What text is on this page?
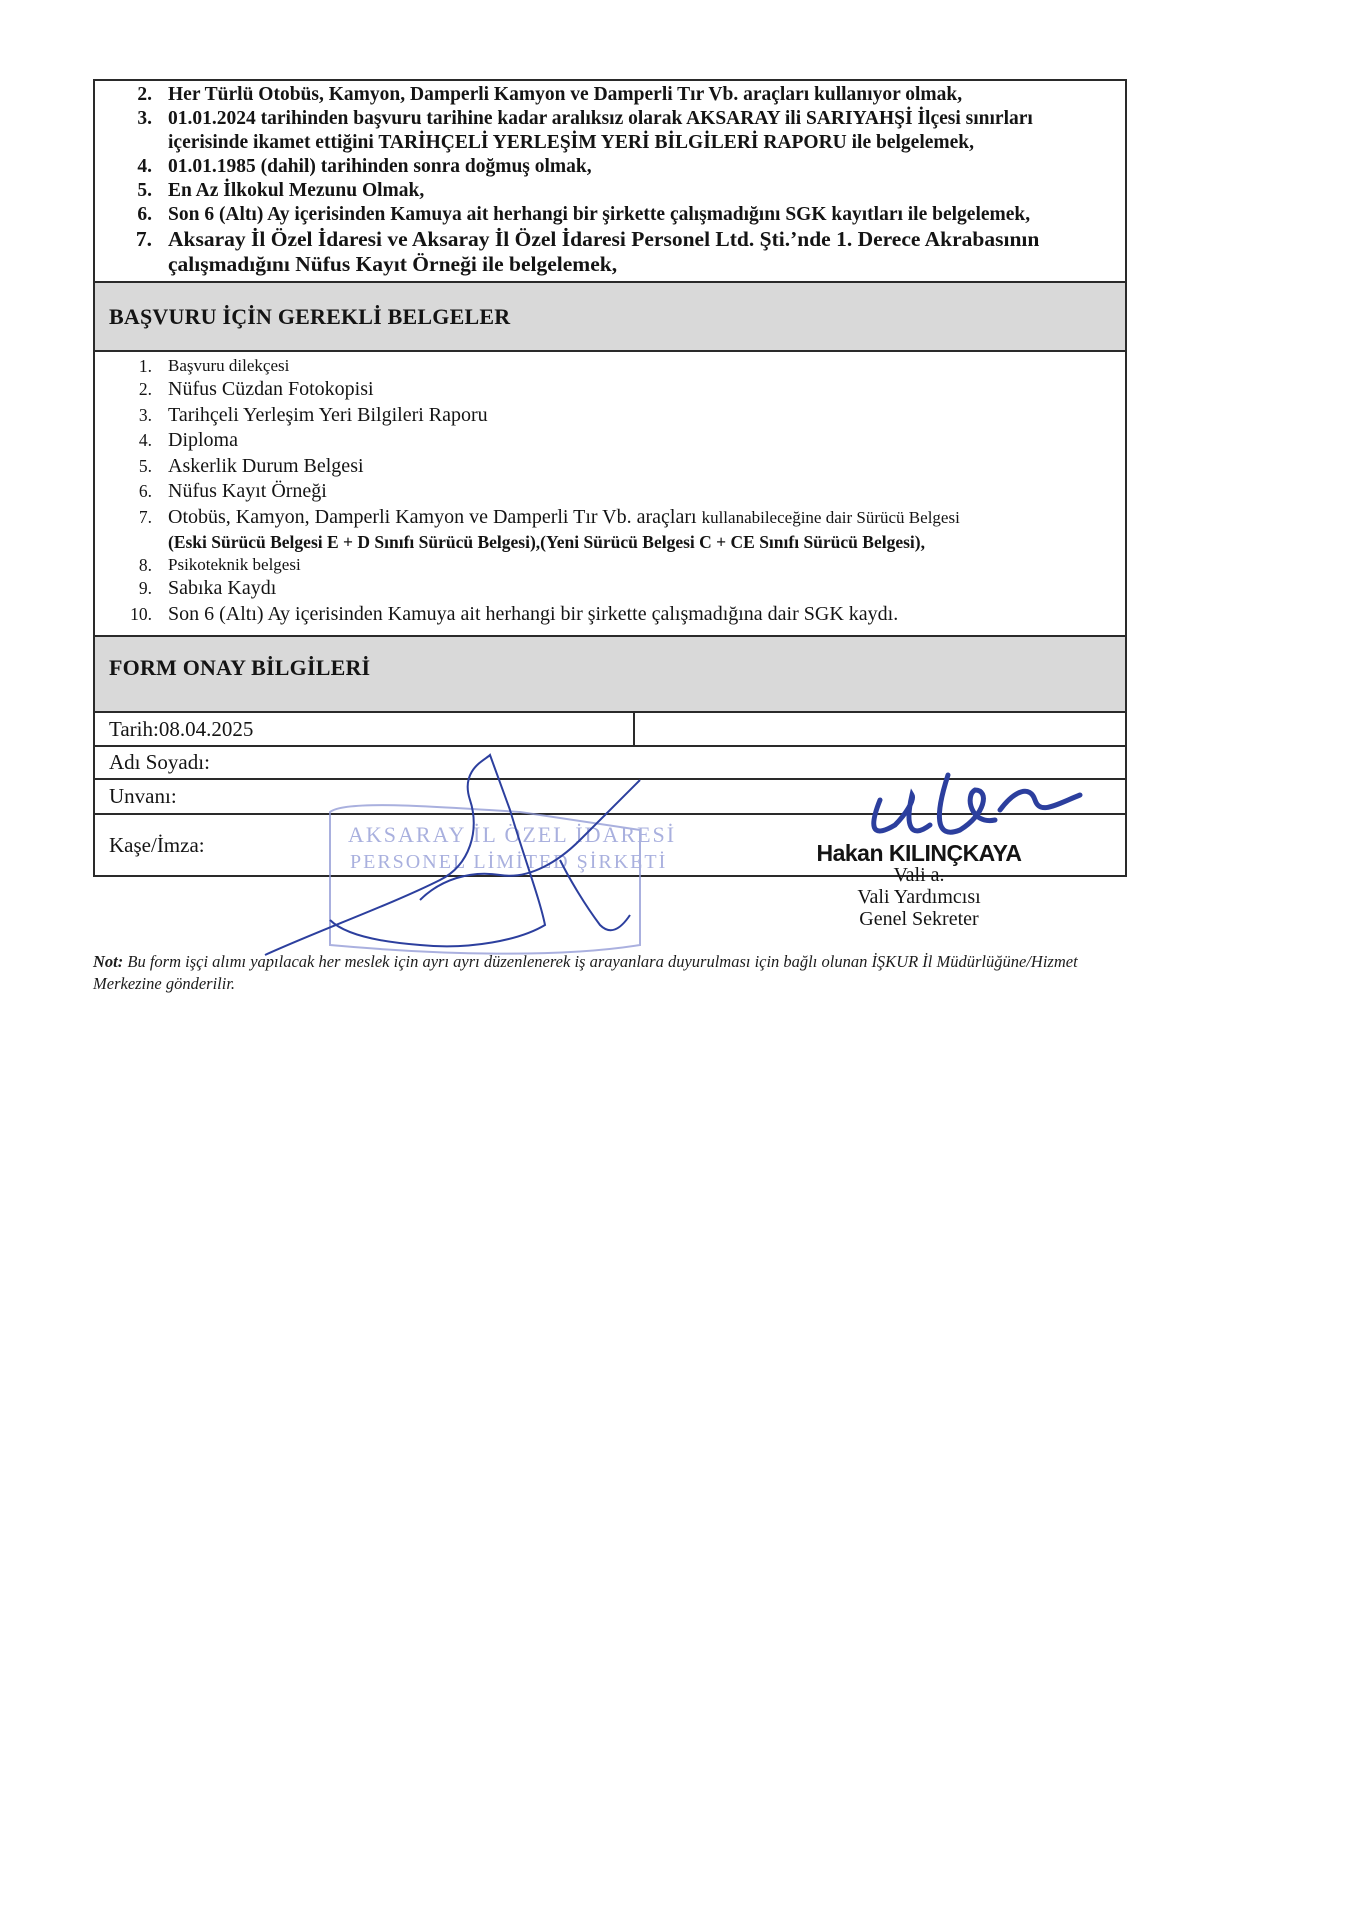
2. Her Türlü Otobüs, Kamyon, Damperli Kamyon ve Damperli Tır Vb. araçları kullanıyor olmak,
3. 01.01.2024 tarihinden başvuru tarihine kadar aralıksız olarak AKSARAY ili SARIYAHŞİ İlçesi sınırları içerisinde ikamet ettiğini TARİHÇELİ YERLEŞİM YERİ BİLGİLERİ RAPORU ile belgelemek,
4. 01.01.1985 (dahil) tarihinden sonra doğmuş olmak,
5. En Az İlkokul Mezunu Olmak,
6. Son 6 (Altı) Ay içerisinden Kamuya ait herhangi bir şirkette çalışmadığını SGK kayıtları ile belgelemek,
7. Aksaray İl Özel İdaresi ve Aksaray İl Özel İdaresi Personel Ltd. Şti.’nde 1. Derece Akrabasının çalışmadığını Nüfus Kayıt Örneği ile belgelemek,
BAŞVURU İÇİN GEREKLİ BELGELER
1. Başvuru dilekçesi
2. Nüfus Cüzdan Fotokopisi
3. Tarihçeli Yerleşim Yeri Bilgileri Raporu
4. Diploma
5. Askerlik Durum Belgesi
6. Nüfus Kayıt Örneği
7. Otobüs, Kamyon, Damperli Kamyon ve Damperli Tır Vb. araçları kullanabileceğine dair Sürücü Belgesi
(Eski Sürücü Belgesi E + D Sınıfı Sürücü Belgesi),(Yeni Sürücü Belgesi C + CE Sınıfı Sürücü Belgesi),
8. Psikoteknik belgesi
9. Sabıka Kaydı
10. Son 6 (Altı) Ay içerisinden Kamuya ait herhangi bir şirkette çalışmadığına dair SGK kaydı.
FORM ONAY BİLGİLERİ
Tarih: 08.04.2025
Adı Soyadı:
Unvanı:
Kaşe/İmza:	Hakan KILINÇKAYA
Vali a.
Vali Yardımcısı
Genel Sekreter
Not: Bu form işçi alımı yapılacak her meslek için ayrı ayrı düzenlenerek iş arayanlara duyurulması için bağlı olunan İŞKUR İl Müdürlüğüne/Hizmet Merkezine gönderilir.
AKSARAY İL ÖZEL İDARESİ
PERSONEL LİMİTED ŞİRKETİ
